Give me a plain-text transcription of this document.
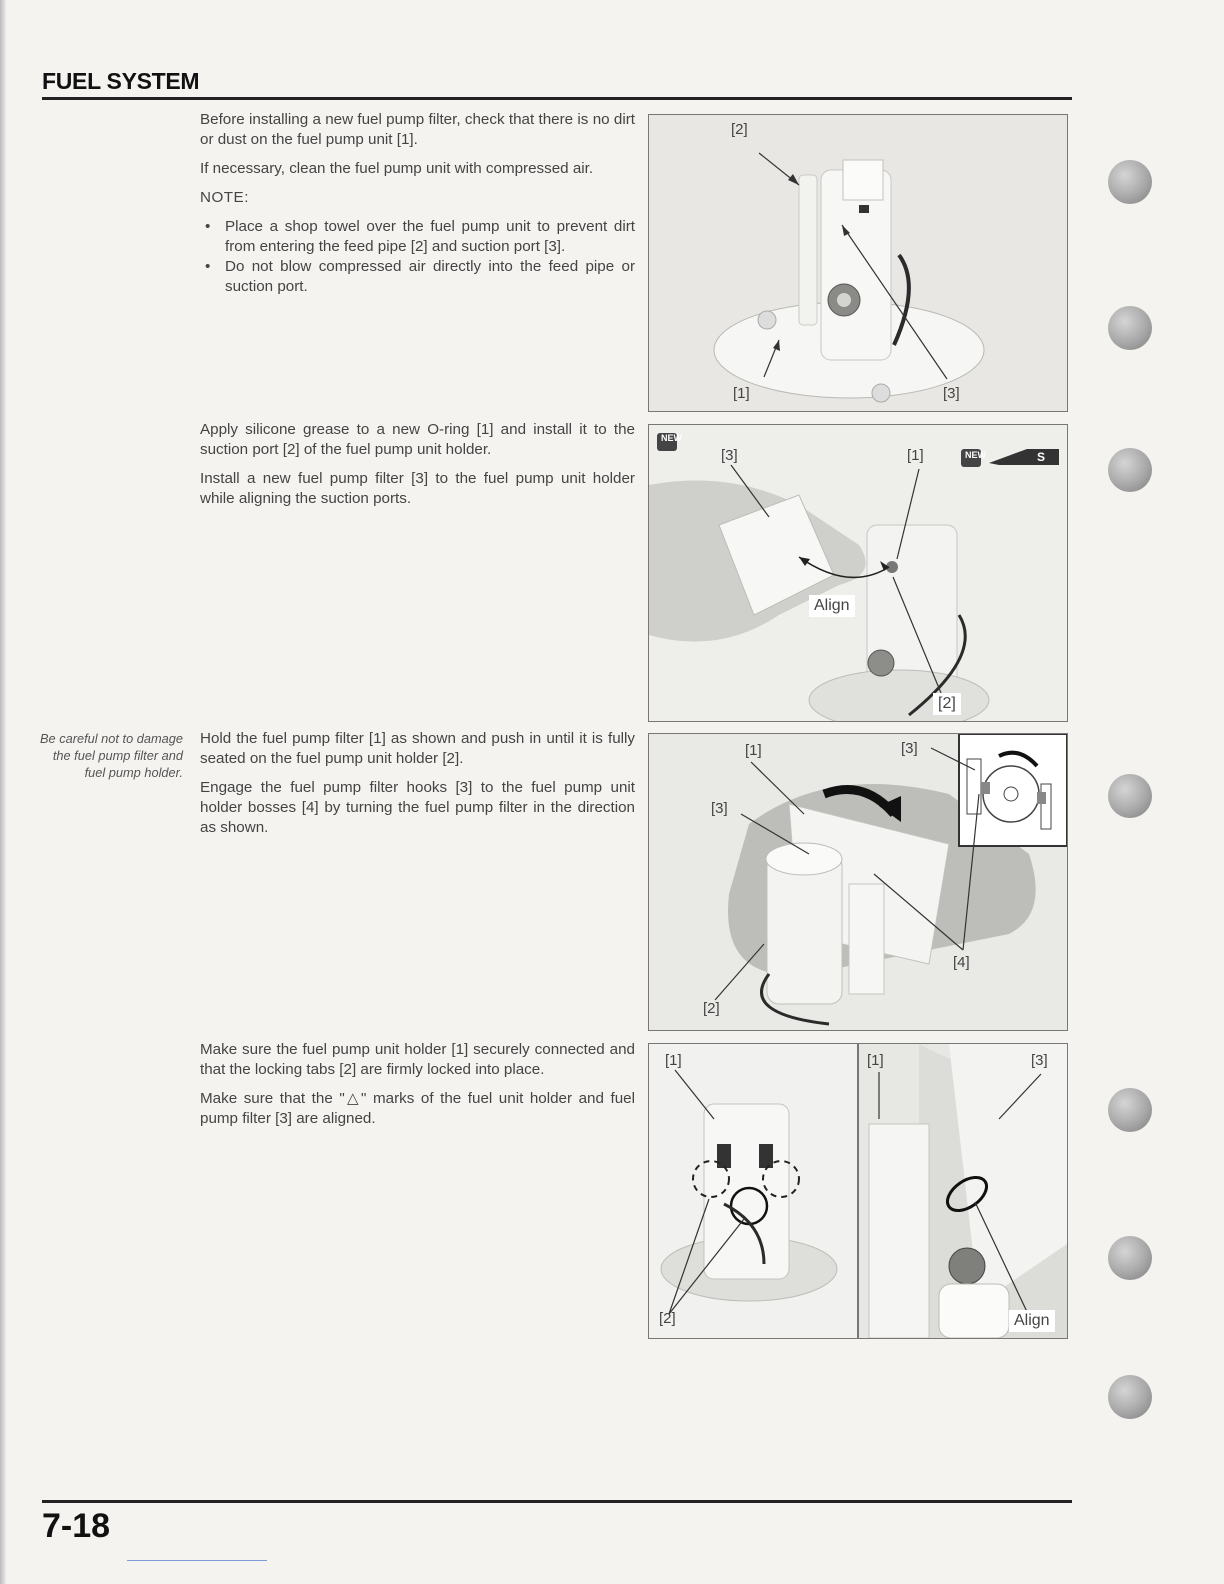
FUEL SYSTEM

Before installing a new fuel pump filter, check that there is no dirt or dust on the fuel pump unit [1].

If necessary, clean the fuel pump unit with compressed air.

NOTE:

• Place a shop towel over the fuel pump unit to prevent dirt from entering the feed pipe [2] and suction port [3].
• Do not blow compressed air directly into the feed pipe or suction port.
[2]
[1]	[3]

Apply silicone grease to a new O-ring [1] and install it to the suction port [2] of the fuel pump unit holder.

Install a new fuel pump filter [3] to the fuel pump unit holder while aligning the suction ports.

NEW
NEW	S
[3]	[1]
Align
[2]
Be careful not to damage the fuel pump filter and fuel pump holder.

Hold the fuel pump filter [1] as shown and push in until it is fully seated on the fuel pump unit holder [2].

Engage the fuel pump filter hooks [3] to the fuel pump unit holder bosses [4] by turning the fuel pump filter in the direction as shown.

[1]	[3]
[3]
[4]
[2]

Make sure the fuel pump unit holder [1] securely connected and that the locking tabs [2] are firmly locked into place.

Make sure that the "△" marks of the fuel unit holder and fuel pump filter [3] are aligned.

[1]
[2]
[1]	[3]
Align
7-18
